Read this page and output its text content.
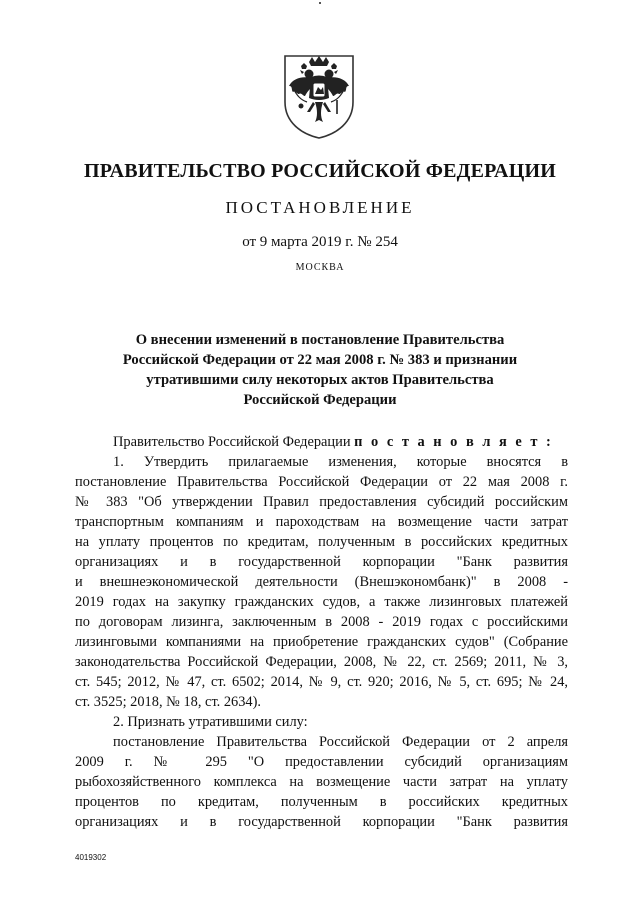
ПРАВИТЕЛЬСТВО РОССИЙСКОЙ ФЕДЕРАЦИИ
ПОСТАНОВЛЕНИЕ
от 9 марта 2019 г. № 254
МОСКВА
О внесении изменений в постановление Правительства
Российской Федерации от 22 мая 2008 г. № 383 и признании
утратившими силу некоторых актов Правительства
Российской Федерации
Правительство Российской Федерации п о с т а н о в л я е т :
1. Утвердить прилагаемые изменения, которые вносятся в
постановление Правительства Российской Федерации от 22 мая 2008 г.
№ 383 "Об утверждении Правил предоставления субсидий российским
транспортным компаниям и пароходствам на возмещение части затрат
на уплату процентов по кредитам, полученным в российских кредитных
организациях и в государственной корпорации "Банк развития
и внешнеэкономической деятельности (Внешэкономбанк)" в 2008 -
2019 годах на закупку гражданских судов, а также лизинговых платежей
по договорам лизинга, заключенным в 2008 - 2019 годах с российскими
лизинговыми компаниями на приобретение гражданских судов" (Собрание
законодательства Российской Федерации, 2008, № 22, ст. 2569; 2011, № 3,
ст. 545; 2012, № 47, ст. 6502; 2014, № 9, ст. 920; 2016, № 5, ст. 695; № 24,
ст. 3525; 2018, № 18, ст. 2634).
2. Признать утратившими силу:
постановление Правительства Российской Федерации от 2 апреля
2009 г. № 295 "О предоставлении субсидий организациям
рыбохозяйственного комплекса на возмещение части затрат на уплату
процентов по кредитам, полученным в российских кредитных
организациях и в государственной корпорации "Банк развития
4019302
